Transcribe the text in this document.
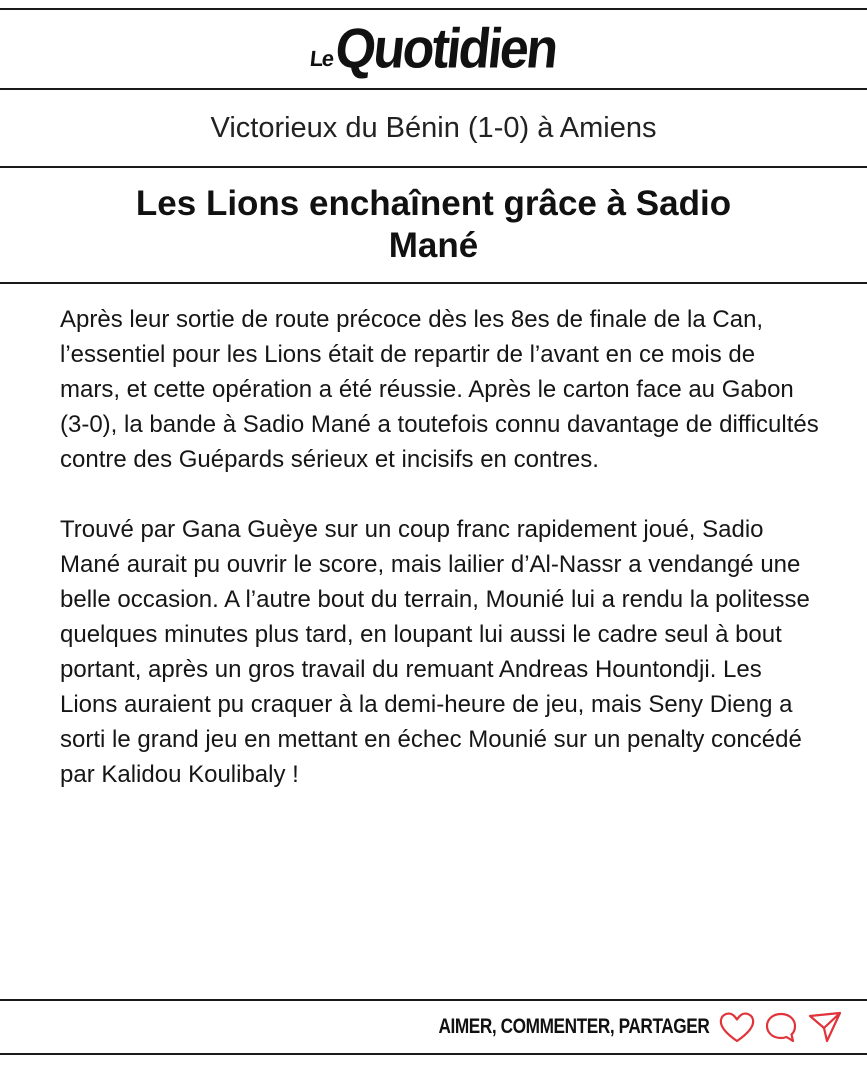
Le
Quotidien
Victorieux du Bénin (1-0) à Amiens
Les Lions enchaînent grâce à Sadio Mané

Après leur sortie de route précoce dès les 8es de finale de la Can, l’essentiel pour les Lions était de repartir de l’avant en ce mois de mars, et cette opération a été réussie. Après le carton face au Gabon (3-0), la bande à Sadio Mané a toutefois connu davantage de difficultés contre des Guépards sérieux et incisifs en contres.

Trouvé par Gana Guèye sur un coup franc rapidement joué, Sadio Mané aurait pu ouvrir le score, mais lailier d’Al-Nassr a vendangé une belle occasion. A l’autre bout du terrain, Mounié lui a rendu la politesse quelques minutes plus tard, en loupant lui aussi le cadre seul à bout portant, après un gros travail du remuant Andreas Hountondji. Les Lions auraient pu craquer à la demi-heure de jeu, mais Seny Dieng a sorti le grand jeu en mettant en échec Mounié sur un penalty concédé par Kalidou Koulibaly !

AIMER, COMMENTER, PARTAGER
